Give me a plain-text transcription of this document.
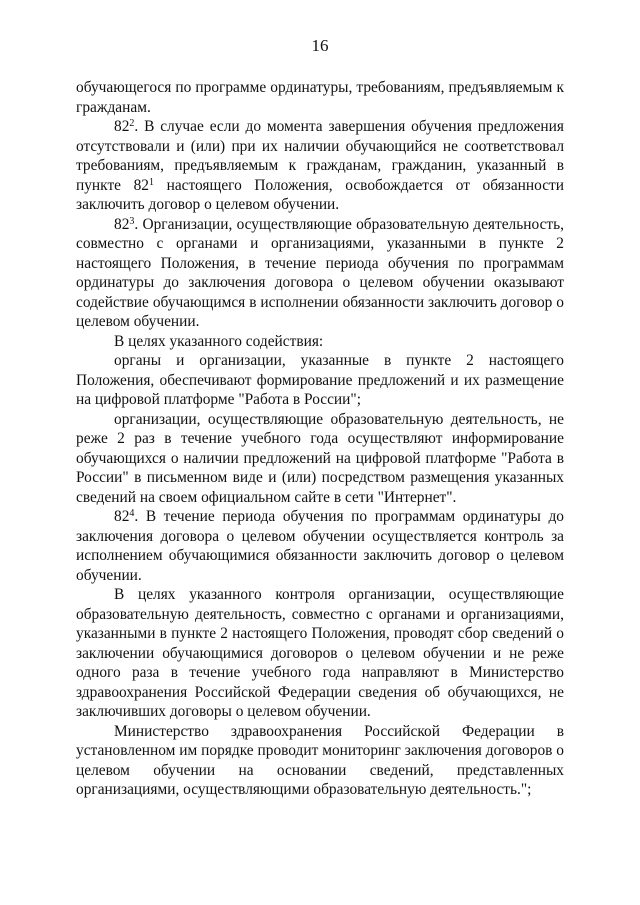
16

обучающегося по программе ординатуры, требованиям, предъявляемым к гражданам.

$82^2$. В случае если до момента завершения обучения предложения отсутствовали и (или) при их наличии обучающийся не соответствовал требованиям, предъявляемым к гражданам, гражданин, указанный в пункте $82^1$ настоящего Положения, освобождается от обязанности заключить договор о целевом обучении.

$82^3$. Организации, осуществляющие образовательную деятельность, совместно с органами и организациями, указанными в пункте 2 настоящего Положения, в течение периода обучения по программам ординатуры до заключения договора о целевом обучении оказывают содействие обучающимся в исполнении обязанности заключить договор о целевом обучении.

В целях указанного содействия:

органы и организации, указанные в пункте 2 настоящего Положения, обеспечивают формирование предложений и их размещение на цифровой платформе "Работа в России";

организации, осуществляющие образовательную деятельность, не реже 2 раз в течение учебного года осуществляют информирование обучающихся о наличии предложений на цифровой платформе "Работа в России" в письменном виде и (или) посредством размещения указанных сведений на своем официальном сайте в сети "Интернет".

$82^4$. В течение периода обучения по программам ординатуры до заключения договора о целевом обучении осуществляется контроль за исполнением обучающимися обязанности заключить договор о целевом обучении.

В целях указанного контроля организации, осуществляющие образовательную деятельность, совместно с органами и организациями, указанными в пункте 2 настоящего Положения, проводят сбор сведений о заключении обучающимися договоров о целевом обучении и не реже одного раза в течение учебного года направляют в Министерство здравоохранения Российской Федерации сведения об обучающихся, не заключивших договоры о целевом обучении.

Министерство здравоохранения Российской Федерации в установленном им порядке проводит мониторинг заключения договоров о целевом обучении на основании сведений, представленных организациями, осуществляющими образовательную деятельность.";
